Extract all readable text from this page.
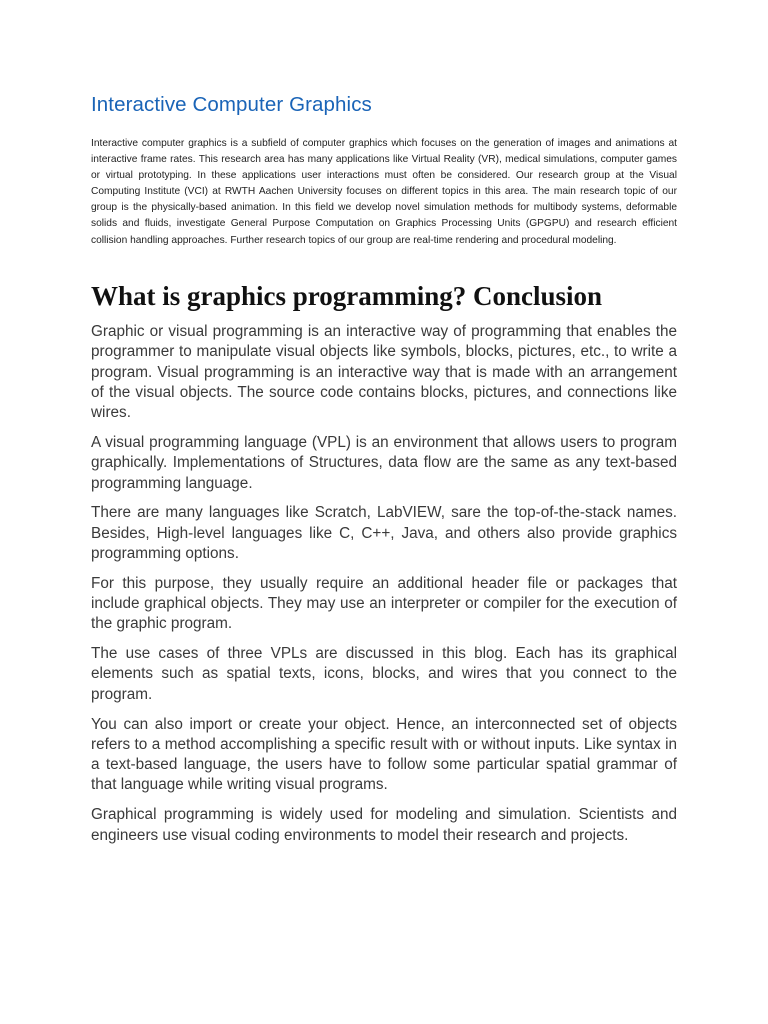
Interactive Computer Graphics

Interactive computer graphics is a subfield of computer graphics which focuses on the generation of images and animations at interactive frame rates. This research area has many applications like Virtual Reality (VR), medical simulations, computer games or virtual prototyping. In these applications user interactions must often be considered. Our research group at the Visual Computing Institute (VCI) at RWTH Aachen University focuses on different topics in this area. The main research topic of our group is the physically-based animation. In this field we develop novel simulation methods for multibody systems, deformable solids and fluids, investigate General Purpose Computation on Graphics Processing Units (GPGPU) and research efficient collision handling approaches. Further research topics of our group are real-time rendering and procedural modeling.

What is graphics programming? Conclusion

Graphic or visual programming is an interactive way of programming that enables the programmer to manipulate visual objects like symbols, blocks, pictures, etc., to write a program. Visual programming is an interactive way that is made with an arrangement of the visual objects. The source code contains blocks, pictures, and connections like wires.

A visual programming language (VPL) is an environment that allows users to program graphically. Implementations of Structures, data flow are the same as any text-based programming language.

There are many languages like Scratch, LabVIEW, sare the top-of-the-stack names. Besides, High-level languages like C, C++, Java, and others also provide graphics programming options.

For this purpose, they usually require an additional header file or packages that include graphical objects. They may use an interpreter or compiler for the execution of the graphic program.

The use cases of three VPLs are discussed in this blog. Each has its graphical elements such as spatial texts, icons, blocks, and wires that you connect to the program.

You can also import or create your object. Hence, an interconnected set of objects refers to a method accomplishing a specific result with or without inputs. Like syntax in a text-based language, the users have to follow some particular spatial grammar of that language while writing visual programs.

Graphical programming is widely used for modeling and simulation. Scientists and engineers use visual coding environments to model their research and projects.
